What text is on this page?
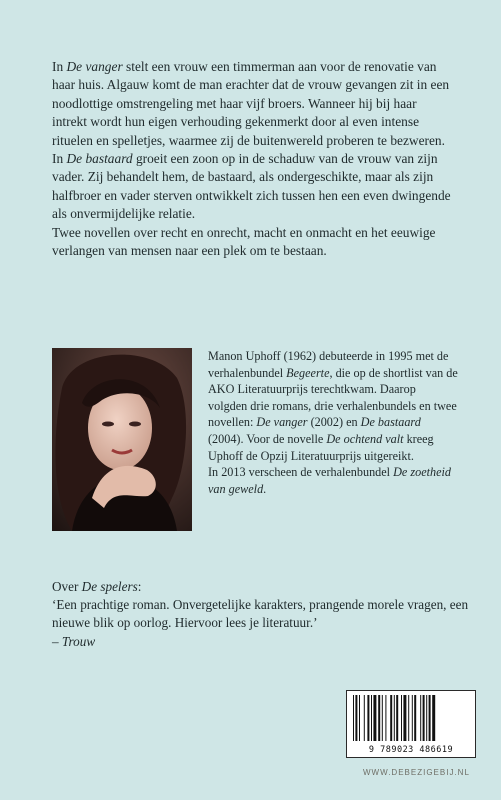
In De vanger stelt een vrouw een timmerman aan voor de renovatie van haar huis. Algauw komt de man erachter dat de vrouw gevangen zit in een noodlottige omstrengeling met haar vijf broers. Wanneer hij bij haar intrekt wordt hun eigen verhouding gekenmerkt door al even intense rituelen en spelletjes, waarmee zij de buitenwereld proberen te bezweren.

In De bastaard groeit een zoon op in de schaduw van de vrouw van zijn vader. Zij behandelt hem, de bastaard, als ondergeschikte, maar als zijn halfbroer en vader sterven ontwikkelt zich tussen hen een even dwingende als onvermijdelijke relatie.

Twee novellen over recht en onrecht, macht en onmacht en het eeuwige verlangen van mensen naar een plek om te bestaan.

Manon Uphoff (1962) debuteerde in 1995 met de verhalenbundel Begeerte, die op de shortlist van de AKO Literatuurprijs terechtkwam. Daarop volgden drie romans, drie verhalenbundels en twee novellen: De vanger (2002) en De bastaard (2004). Voor de novelle De ochtend valt kreeg Uphoff de Opzij Literatuurprijs uitgereikt.

In 2013 verscheen de verhalenbundel De zoetheid van geweld.

Over De spelers:

‘Een prachtige roman. Onvergetelijke karakters, prangende morele vragen, een nieuwe blik op oorlog. Hiervoor lees je literatuur.’

– Trouw

9 789023 486619
WWW.DEBEZIGEBIJ.NL
